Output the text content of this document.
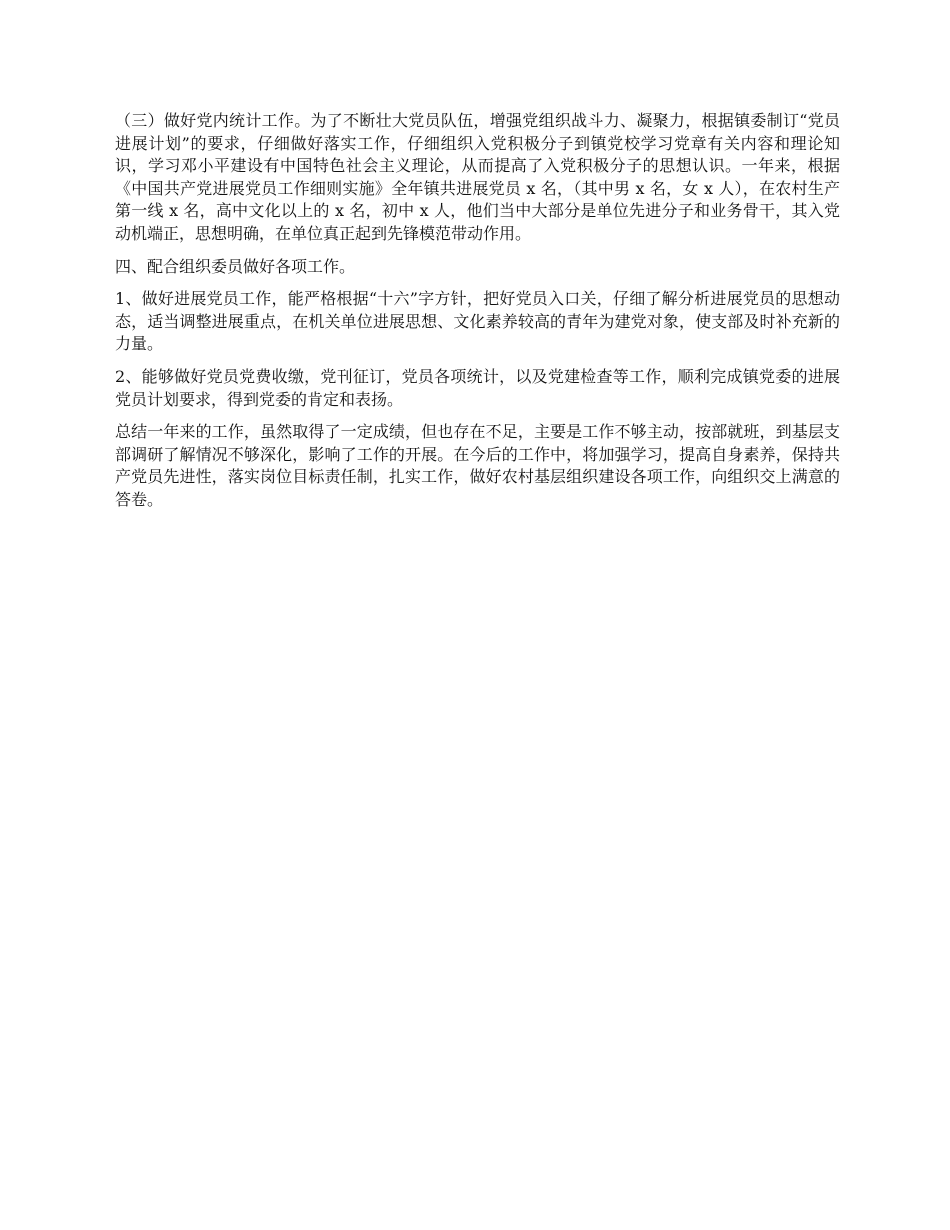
（三）做好党内统计工作。为了不断壮大党员队伍，增强党组织战斗力、凝聚力，根据镇委制订“党员进展计划”的要求，仔细做好落实工作，仔细组织入党积极分子到镇党校学习党章有关内容和理论知识，学习邓小平建设有中国特色社会主义理论，从而提高了入党积极分子的思想认识。一年来，根据《中国共产党进展党员工作细则实施》全年镇共进展党员 x 名，（其中男 x 名，女 x 人），在农村生产第一线 x 名，高中文化以上的 x 名，初中 x 人，他们当中大部分是单位先进分子和业务骨干，其入党动机端正，思想明确，在单位真正起到先锋模范带动作用。

四、配合组织委员做好各项工作。

1、做好进展党员工作，能严格根据“十六”字方针，把好党员入口关，仔细了解分析进展党员的思想动态，适当调整进展重点，在机关单位进展思想、文化素养较高的青年为建党对象，使支部及时补充新的力量。

2、能够做好党员党费收缴，党刊征订，党员各项统计，以及党建检查等工作，顺利完成镇党委的进展党员计划要求，得到党委的肯定和表扬。

总结一年来的工作，虽然取得了一定成绩，但也存在不足，主要是工作不够主动，按部就班，到基层支部调研了解情况不够深化，影响了工作的开展。在今后的工作中，将加强学习，提高自身素养，保持共产党员先进性，落实岗位目标责任制，扎实工作，做好农村基层组织建设各项工作，向组织交上满意的答卷。
